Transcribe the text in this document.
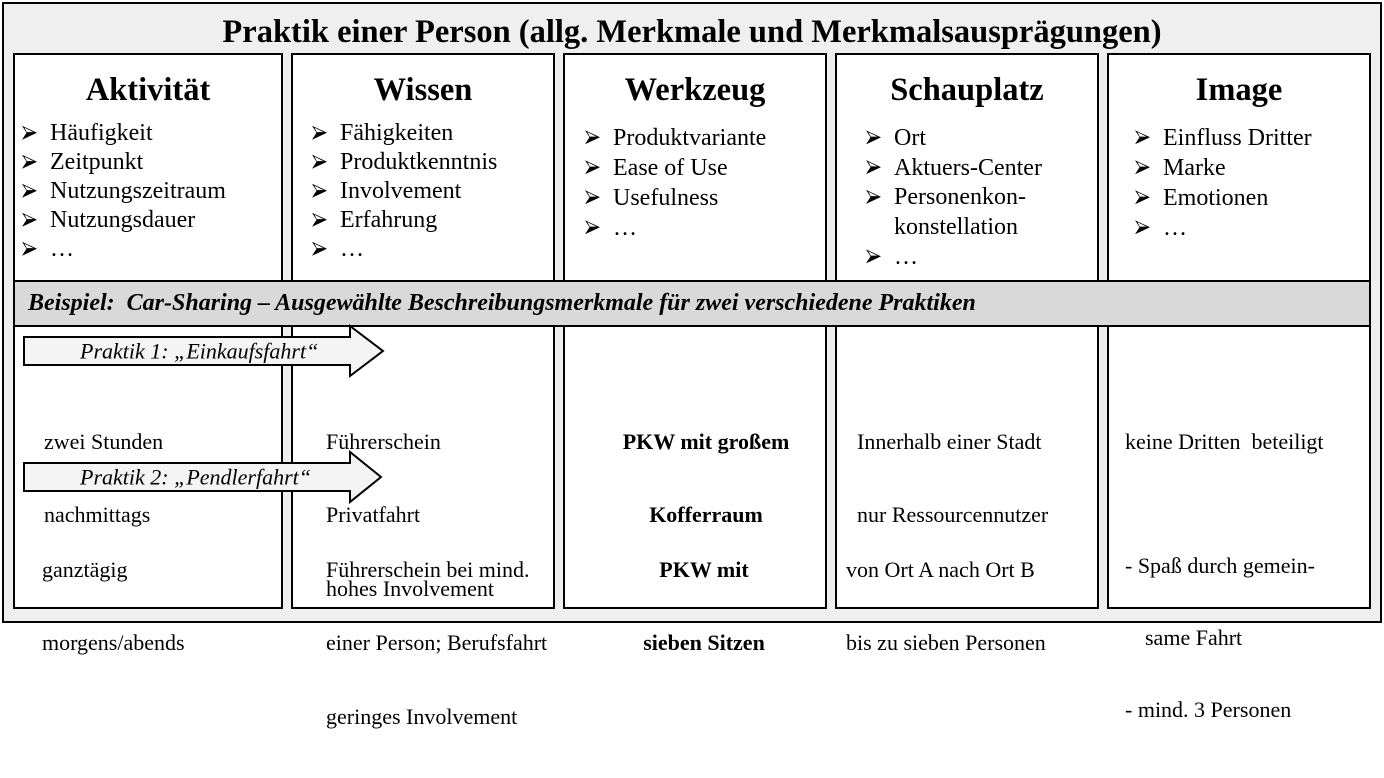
Praktik einer Person (allg. Merkmale und Merkmalsausprägungen)
Aktivität
Häufigkeit
Zeitpunkt
Nutzungszeitraum
Nutzungsdauer
…

zwei Stunden

nachmittags

ganztägig

morgens/abends

Wissen
Fähigkeiten
Produktkenntnis
Involvement
Erfahrung
…

Führerschein

Privatfahrt

hohes Involvement

Führerschein bei mind.

einer Person; Berufsfahrt

geringes Involvement

Werkzeug
Produktvariante
Ease of Use
Usefulness
…

PKW mit großem

Kofferraum

PKW mit

sieben Sitzen

Schauplatz
Ort
Aktuers-Center
Personenkon-
konstellation
…

Innerhalb einer Stadt

nur Ressourcennutzer

von Ort A nach Ort B

bis zu sieben Personen

Image
Einfluss Dritter
Marke
Emotionen
…

keine Dritten  beteiligt

- Spaß durch gemein-

same Fahrt

- mind. 3 Personen

Beispiel: Car-Sharing – Ausgewählte Beschreibungsmerkmale für zwei verschiedene Praktiken
Praktik 1: „Einkaufsfahrt“
Praktik 2: „Pendlerfahrt“
